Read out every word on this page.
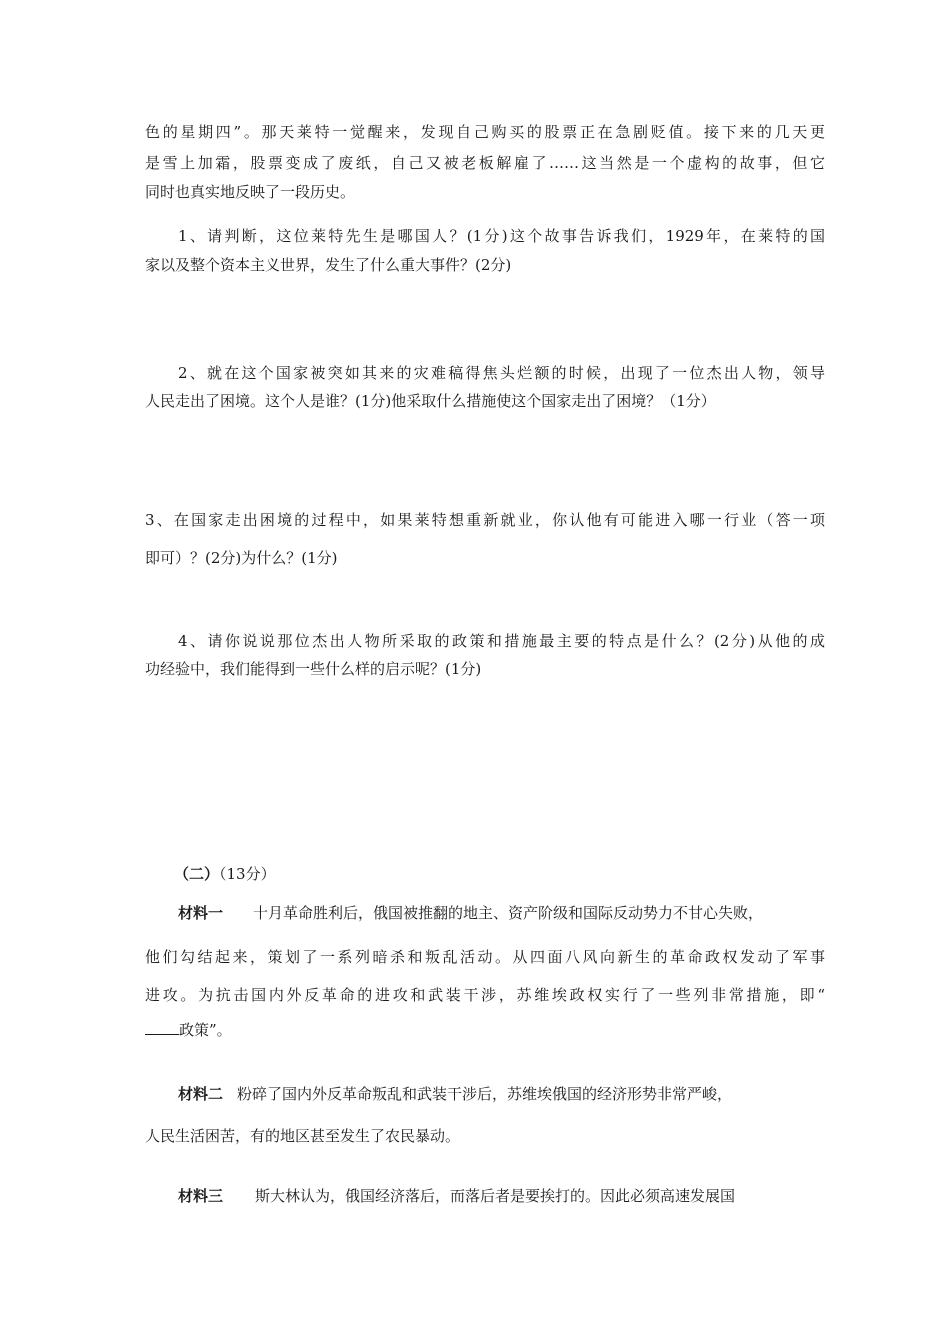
色的星期四”。那天莱特一觉醒来，发现自己购买的股票正在急剧贬值。接下来的几天更

是雪上加霜，股票变成了废纸，自己又被老板解雇了……这当然是一个虚构的故事，但它

同时也真实地反映了一段历史。

1、请判断，这位莱特先生是哪国人？(1分)这个故事告诉我们，1929年，在莱特的国

家以及整个资本主义世界，发生了什么重大事件？(2分)

2、就在这个国家被突如其来的灾难稿得焦头烂额的时候，出现了一位杰出人物，领导

人民走出了困境。这个人是谁？(1分)他采取什么措施使这个国家走出了困境？（1分）

3、在国家走出困境的过程中，如果莱特想重新就业，你认他有可能进入哪一行业（答一项

即可）？(2分)为什么？(1分)

4、请你说说那位杰出人物所采取的政策和措施最主要的特点是什么？(2分)从他的成

功经验中，我们能得到一些什么样的启示呢？(1分)

（二）（13分）

材料一 十月革命胜利后，俄国被推翻的地主、资产阶级和国际反动势力不甘心失败，

他们勾结起来，策划了一系列暗杀和叛乱活动。从四面八风向新生的革命政权发动了军事

进攻。为抗击国内外反革命的进攻和武装干涉，苏维埃政权实行了一些列非常措施，即“

政策”。

材料二 粉碎了国内外反革命叛乱和武装干涉后，苏维埃俄国的经济形势非常严峻，

人民生活困苦，有的地区甚至发生了农民暴动。

材料三 斯大林认为，俄国经济落后，而落后者是要挨打的。因此必须高速发展国
